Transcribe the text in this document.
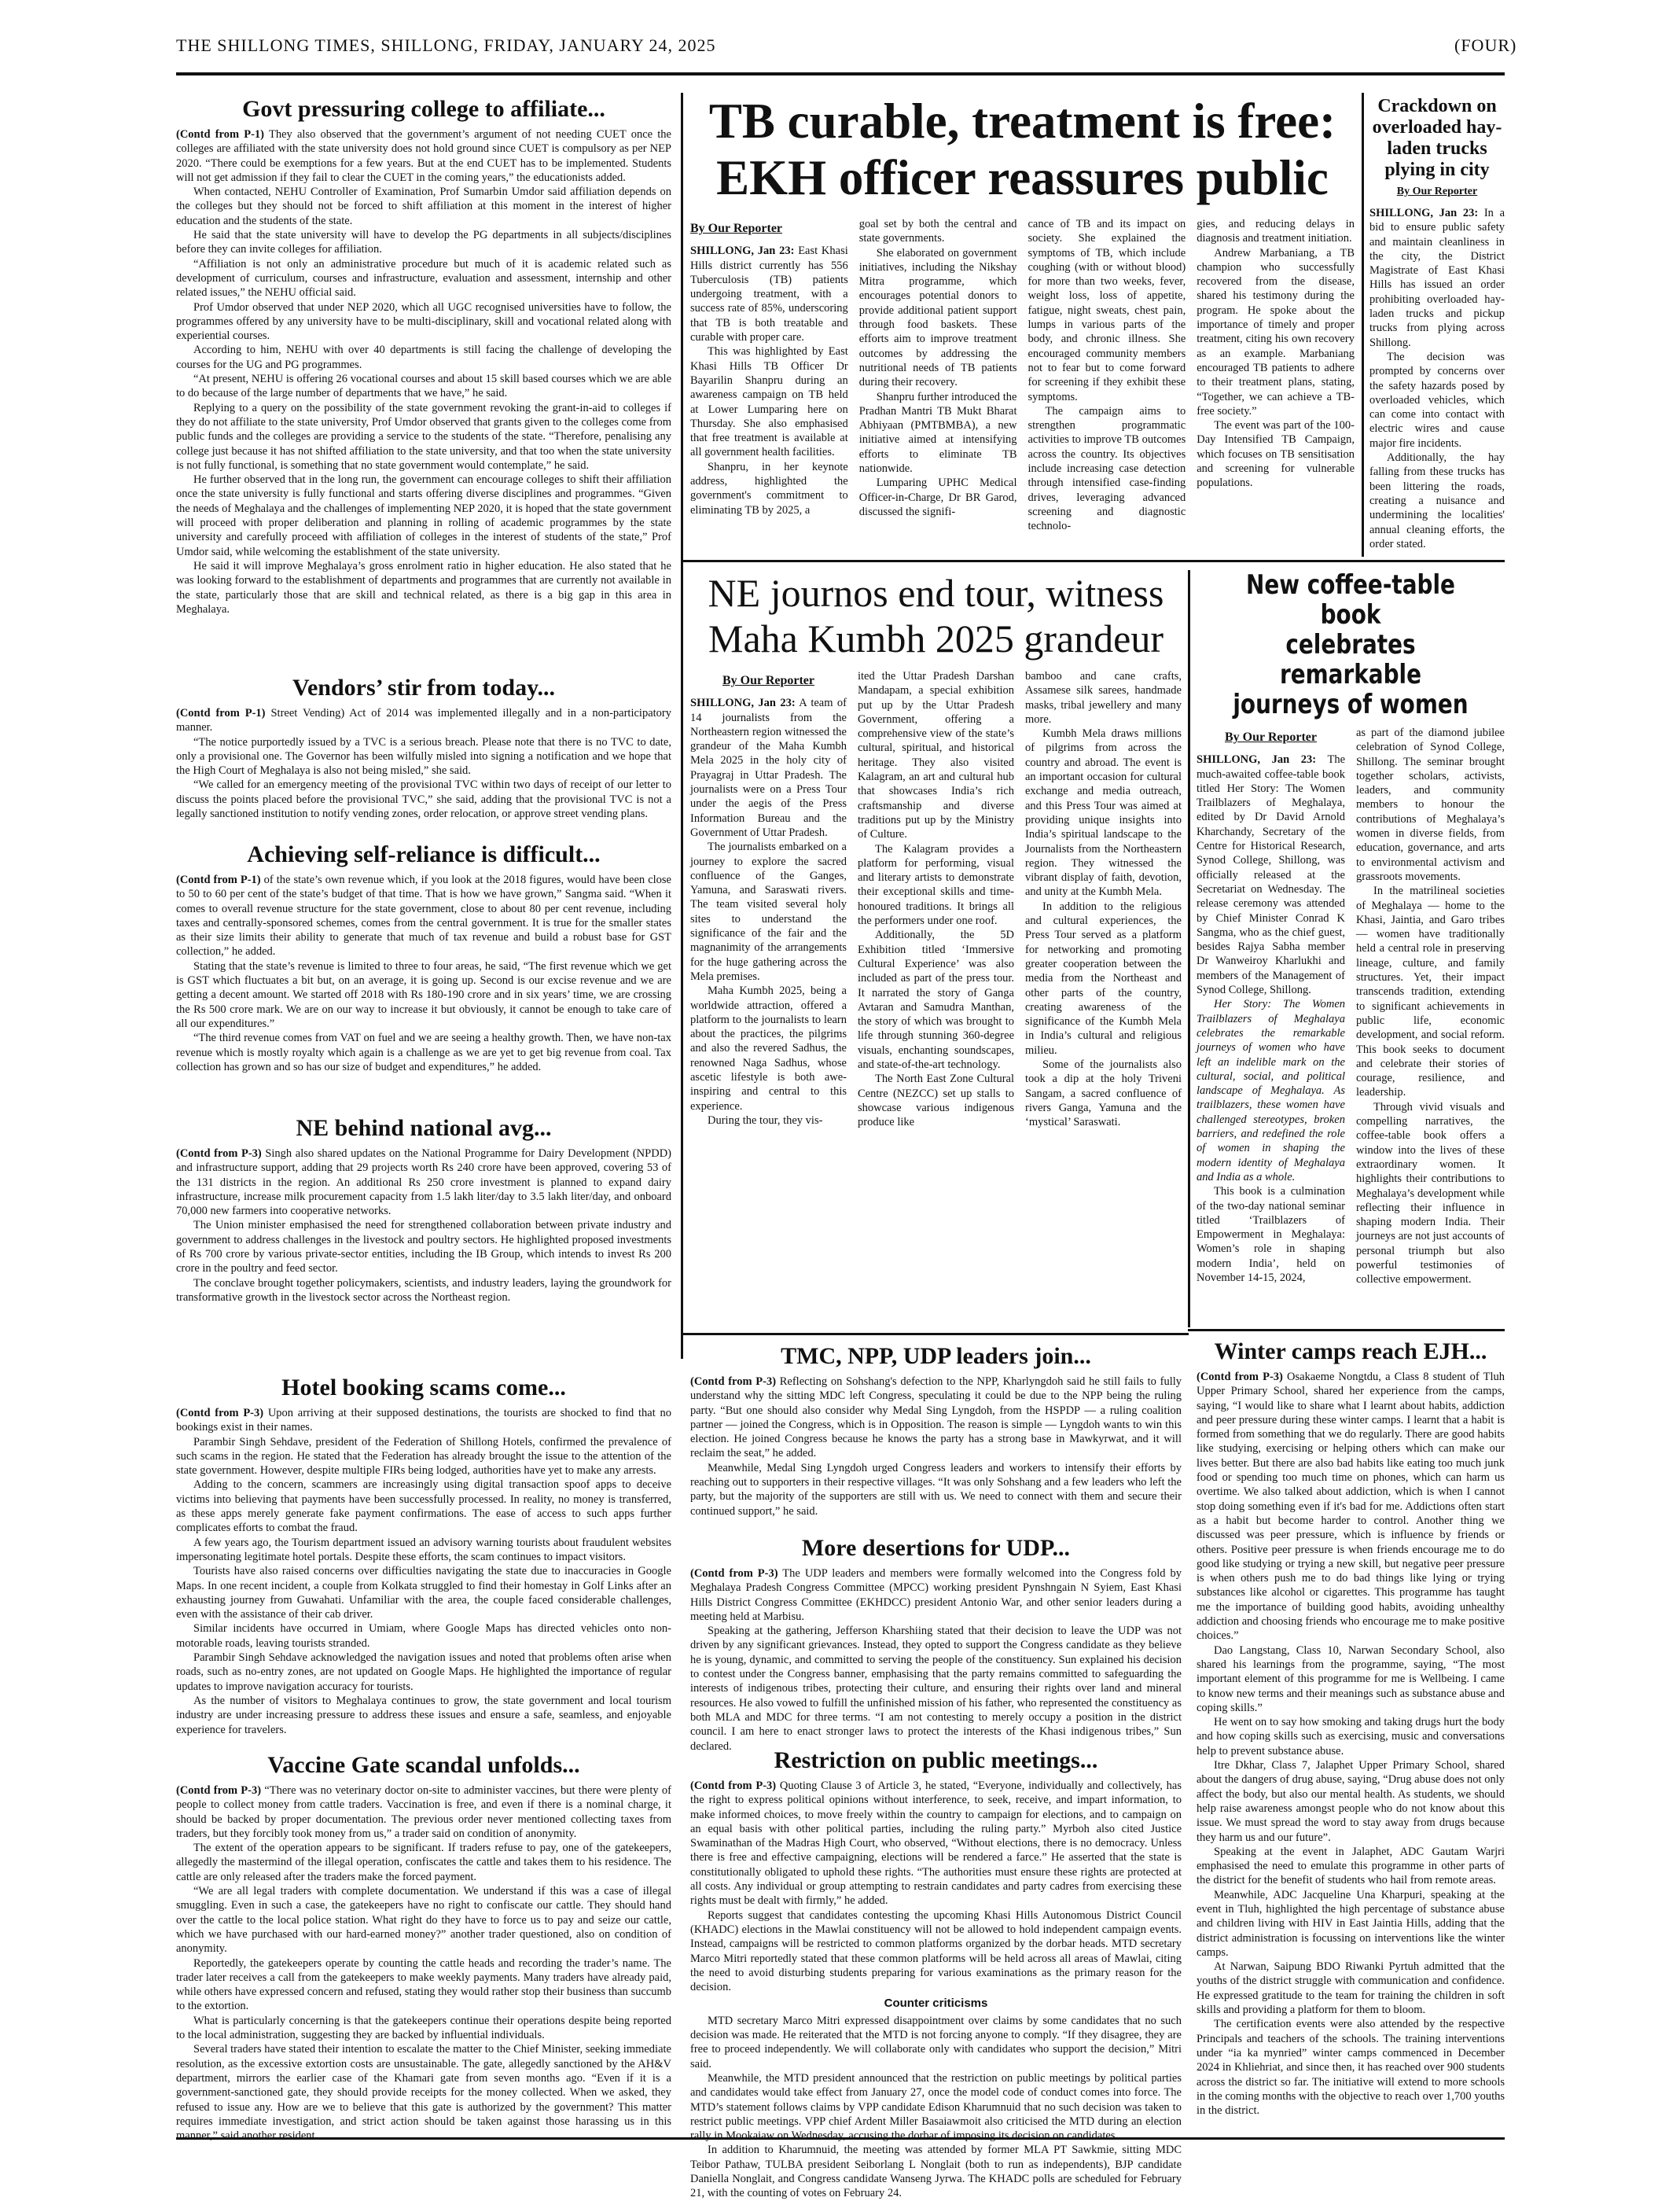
THE SHILLONG TIMES, SHILLONG, FRIDAY, JANUARY 24, 2025	(FOUR)
Govt pressuring college to affiliate...

(Contd from P-1) They also observed that the government’s argument of not needing CUET once the colleges are affiliated with the state university does not hold ground since CUET is compulsory as per NEP 2020. “There could be exemptions for a few years. But at the end CUET has to be implemented. Students will not get admission if they fail to clear the CUET in the coming years,” the educationists added.

When contacted, NEHU Controller of Examination, Prof Sumarbin Umdor said affiliation depends on the colleges but they should not be forced to shift affiliation at this moment in the interest of higher education and the students of the state.

He said that the state university will have to develop the PG departments in all subjects/disciplines before they can invite colleges for affiliation.

“Affiliation is not only an administrative procedure but much of it is academic related such as development of curriculum, courses and infrastructure, evaluation and assessment, internship and other related issues,” the NEHU official said.

Prof Umdor observed that under NEP 2020, which all UGC recognised universities have to follow, the programmes offered by any university have to be multi-disciplinary, skill and vocational related along with experiential courses.

According to him, NEHU with over 40 departments is still facing the challenge of developing the courses for the UG and PG programmes.

“At present, NEHU is offering 26 vocational courses and about 15 skill based courses which we are able to do because of the large number of departments that we have,” he said.

Replying to a query on the possibility of the state government revoking the grant-in-aid to colleges if they do not affiliate to the state university, Prof Umdor observed that grants given to the colleges come from public funds and the colleges are providing a service to the students of the state. “Therefore, penalising any college just because it has not shifted affiliation to the state university, and that too when the state university is not fully functional, is something that no state government would contemplate,” he said.

He further observed that in the long run, the government can encourage colleges to shift their affiliation once the state university is fully functional and starts offering diverse disciplines and programmes. “Given the needs of Meghalaya and the challenges of implementing NEP 2020, it is hoped that the state government will proceed with proper deliberation and planning in rolling of academic programmes by the state university and carefully proceed with affiliation of colleges in the interest of students of the state,” Prof Umdor said, while welcoming the establishment of the state university.

He said it will improve Meghalaya’s gross enrolment ratio in higher education. He also stated that he was looking forward to the establishment of departments and programmes that are currently not available in the state, particularly those that are skill and technical related, as there is a big gap in this area in Meghalaya.

Vendors’ stir from today...

(Contd from P-1) Street Vending) Act of 2014 was implemented illegally and in a non-participatory manner.

“The notice purportedly issued by a TVC is a serious breach. Please note that there is no TVC to date, only a provisional one. The Governor has been wilfully misled into signing a notification and we hope that the High Court of Meghalaya is also not being misled,” she said.

“We called for an emergency meeting of the provisional TVC within two days of receipt of our letter to discuss the points placed before the provisional TVC,” she said, adding that the provisional TVC is not a legally sanctioned institution to notify vending zones, order relocation, or approve street vending plans.

Achieving self-reliance is difficult...

(Contd from P-1) of the state’s own revenue which, if you look at the 2018 figures, would have been close to 50 to 60 per cent of the state’s budget of that time. That is how we have grown,” Sangma said. “When it comes to overall revenue structure for the state government, close to about 80 per cent revenue, including taxes and centrally-sponsored schemes, comes from the central government. It is true for the smaller states as their size limits their ability to generate that much of tax revenue and build a robust base for GST collection,” he added.

Stating that the state’s revenue is limited to three to four areas, he said, “The first revenue which we get is GST which fluctuates a bit but, on an average, it is going up. Second is our excise revenue and we are getting a decent amount. We started off 2018 with Rs 180-190 crore and in six years’ time, we are crossing the Rs 500 crore mark. We are on our way to increase it but obviously, it cannot be enough to take care of all our expenditures.”

“The third revenue comes from VAT on fuel and we are seeing a healthy growth. Then, we have non-tax revenue which is mostly royalty which again is a challenge as we are yet to get big revenue from coal. Tax collection has grown and so has our size of budget and expenditures,” he added.

NE behind national avg...

(Contd from P-3) Singh also shared updates on the National Programme for Dairy Development (NPDD) and infrastructure support, adding that 29 projects worth Rs 240 crore have been approved, covering 53 of the 131 districts in the region. An additional Rs 250 crore investment is planned to expand dairy infrastructure, increase milk procurement capacity from 1.5 lakh liter/day to 3.5 lakh liter/day, and onboard 70,000 new farmers into cooperative networks.

The Union minister emphasised the need for strengthened collaboration between private industry and government to address challenges in the livestock and poultry sectors. He highlighted proposed investments of Rs 700 crore by various private-sector entities, including the IB Group, which intends to invest Rs 200 crore in the poultry and feed sector.

The conclave brought together policymakers, scientists, and industry leaders, laying the groundwork for transformative growth in the livestock sector across the Northeast region.

Hotel booking scams come...

(Contd from P-3) Upon arriving at their supposed destinations, the tourists are shocked to find that no bookings exist in their names.

Parambir Singh Sehdave, president of the Federation of Shillong Hotels, confirmed the prevalence of such scams in the region. He stated that the Federation has already brought the issue to the attention of the state government. However, despite multiple FIRs being lodged, authorities have yet to make any arrests.

Adding to the concern, scammers are increasingly using digital transaction spoof apps to deceive victims into believing that payments have been successfully processed. In reality, no money is transferred, as these apps merely generate fake payment confirmations. The ease of access to such apps further complicates efforts to combat the fraud.

A few years ago, the Tourism department issued an advisory warning tourists about fraudulent websites impersonating legitimate hotel portals. Despite these efforts, the scam continues to impact visitors.

Tourists have also raised concerns over difficulties navigating the state due to inaccuracies in Google Maps. In one recent incident, a couple from Kolkata struggled to find their homestay in Golf Links after an exhausting journey from Guwahati. Unfamiliar with the area, the couple faced considerable challenges, even with the assistance of their cab driver.

Similar incidents have occurred in Umiam, where Google Maps has directed vehicles onto non-motorable roads, leaving tourists stranded.

Parambir Singh Sehdave acknowledged the navigation issues and noted that problems often arise when roads, such as no-entry zones, are not updated on Google Maps. He highlighted the importance of regular updates to improve navigation accuracy for tourists.

As the number of visitors to Meghalaya continues to grow, the state government and local tourism industry are under increasing pressure to address these issues and ensure a safe, seamless, and enjoyable experience for travelers.

Vaccine Gate scandal unfolds...

(Contd from P-3) “There was no veterinary doctor on-site to administer vaccines, but there were plenty of people to collect money from cattle traders. Vaccination is free, and even if there is a nominal charge, it should be backed by proper documentation. The previous order never mentioned collecting taxes from traders, but they forcibly took money from us,” a trader said on condition of anonymity.

The extent of the operation appears to be significant. If traders refuse to pay, one of the gatekeepers, allegedly the mastermind of the illegal operation, confiscates the cattle and takes them to his residence. The cattle are only released after the traders make the forced payment.

“We are all legal traders with complete documentation. We understand if this was a case of illegal smuggling. Even in such a case, the gatekeepers have no right to confiscate our cattle. They should hand over the cattle to the local police station. What right do they have to force us to pay and seize our cattle, which we have purchased with our hard-earned money?” another trader questioned, also on condition of anonymity.

Reportedly, the gatekeepers operate by counting the cattle heads and recording the trader’s name. The trader later receives a call from the gatekeepers to make weekly payments. Many traders have already paid, while others have expressed concern and refused, stating they would rather stop their business than succumb to the extortion.

What is particularly concerning is that the gatekeepers continue their operations despite being reported to the local administration, suggesting they are backed by influential individuals.

Several traders have stated their intention to escalate the matter to the Chief Minister, seeking immediate resolution, as the excessive extortion costs are unsustainable. The gate, allegedly sanctioned by the AH&V department, mirrors the earlier case of the Khamari gate from seven months ago. “Even if it is a government-sanctioned gate, they should provide receipts for the money collected. When we asked, they refused to issue any. How are we to believe that this gate is authorized by the government? This matter requires immediate investigation, and strict action should be taken against those harassing us in this manner,” said another resident.

TB curable, treatment is free:
EKH officer reassures public
By Our Reporter

SHILLONG, Jan 23: East Khasi Hills district currently has 556 Tuberculosis (TB) patients undergoing treatment, with a success rate of 85%, underscoring that TB is both treatable and curable with proper care.

This was highlighted by East Khasi Hills TB Officer Dr Bayarilin Shanpru during an awareness campaign on TB held at Lower Lumparing here on Thursday. She also emphasised that free treatment is available at all government health facilities.

Shanpru, in her keynote address, highlighted the government's commitment to eliminating TB by 2025, a

goal set by both the central and state governments.

She elaborated on government initiatives, including the Nikshay Mitra programme, which encourages potential donors to provide additional patient support through food baskets. These efforts aim to improve treatment outcomes by addressing the nutritional needs of TB patients during their recovery.

Shanpru further introduced the Pradhan Mantri TB Mukt Bharat Abhiyaan (PMTBMBA), a new initiative aimed at intensifying efforts to eliminate TB nationwide.

Lumparing UPHC Medical Officer-in-Charge, Dr BR Garod, discussed the signifi-

cance of TB and its impact on society. She explained the symptoms of TB, which include coughing (with or without blood) for more than two weeks, fever, weight loss, loss of appetite, fatigue, night sweats, chest pain, lumps in various parts of the body, and chronic illness. She encouraged community members not to fear but to come forward for screening if they exhibit these symptoms.

The campaign aims to strengthen programmatic activities to improve TB outcomes across the country. Its objectives include increasing case detection through intensified case-finding drives, leveraging advanced screening and diagnostic technolo-

gies, and reducing delays in diagnosis and treatment initiation.

Andrew Marbaniang, a TB champion who successfully recovered from the disease, shared his testimony during the program. He spoke about the importance of timely and proper treatment, citing his own recovery as an example. Marbaniang encouraged TB patients to adhere to their treatment plans, stating, “Together, we can achieve a TB-free society.”

The event was part of the 100-Day Intensified TB Campaign, which focuses on TB sensitisation and screening for vulnerable populations.

Crackdown on overloaded hay-laden trucks plying in city
By Our Reporter

SHILLONG, Jan 23: In a bid to ensure public safety and maintain cleanliness in the city, the District Magistrate of East Khasi Hills has issued an order prohibiting overloaded hay-laden trucks and pickup trucks from plying across Shillong.

The decision was prompted by concerns over the safety hazards posed by overloaded vehicles, which can come into contact with electric wires and cause major fire incidents.

Additionally, the hay falling from these trucks has been littering the roads, creating a nuisance and undermining the localities' annual cleaning efforts, the order stated.

NE journos end tour, witness
Maha Kumbh 2025 grandeur
By Our Reporter

SHILLONG, Jan 23: A team of 14 journalists from the Northeastern region witnessed the grandeur of the Maha Kumbh Mela 2025 in the holy city of Prayagraj in Uttar Pradesh. The journalists were on a Press Tour under the aegis of the Press Information Bureau and the Government of Uttar Pradesh.

The journalists embarked on a journey to explore the sacred confluence of the Ganges, Yamuna, and Saraswati rivers. The team visited several holy sites to understand the significance of the fair and the magnanimity of the arrangements for the huge gathering across the Mela premises.

Maha Kumbh 2025, being a worldwide attraction, offered a platform to the journalists to learn about the practices, the pilgrims and also the revered Sadhus, the renowned Naga Sadhus, whose ascetic lifestyle is both awe-inspiring and central to this experience.

During the tour, they vis-

ited the Uttar Pradesh Darshan Mandapam, a special exhibition put up by the Uttar Pradesh Government, offering a comprehensive view of the state’s cultural, spiritual, and historical heritage. They also visited Kalagram, an art and cultural hub that showcases India’s rich craftsmanship and diverse traditions put up by the Ministry of Culture.

The Kalagram provides a platform for performing, visual and literary artists to demonstrate their exceptional skills and time-honoured traditions. It brings all the performers under one roof.

Additionally, the 5D Exhibition titled ‘Immersive Cultural Experience’ was also included as part of the press tour. It narrated the story of Ganga Avtaran and Samudra Manthan, the story of which was brought to life through stunning 360-degree visuals, enchanting soundscapes, and state-of-the-art technology.

The North East Zone Cultural Centre (NEZCC) set up stalls to showcase various indigenous produce like

bamboo and cane crafts, Assamese silk sarees, handmade masks, tribal jewellery and many more.

Kumbh Mela draws millions of pilgrims from across the country and abroad. The event is an important occasion for cultural exchange and media outreach, and this Press Tour was aimed at providing unique insights into India’s spiritual landscape to the Journalists from the Northeastern region. They witnessed the vibrant display of faith, devotion, and unity at the Kumbh Mela.

In addition to the religious and cultural experiences, the Press Tour served as a platform for networking and promoting greater cooperation between the media from the Northeast and other parts of the country, creating awareness of the significance of the Kumbh Mela in India’s cultural and religious milieu.

Some of the journalists also took a dip at the holy Triveni Sangam, a sacred confluence of rivers Ganga, Yamuna and the ‘mystical’ Saraswati.

New coffee-table book
celebrates remarkable
journeys of women
By Our Reporter

SHILLONG, Jan 23: The much-awaited coffee-table book titled Her Story: The Women Trailblazers of Meghalaya, edited by Dr David Arnold Kharchandy, Secretary of the Centre for Historical Research, Synod College, Shillong, was officially released at the Secretariat on Wednesday. The release ceremony was attended by Chief Minister Conrad K Sangma, who as the chief guest, besides Rajya Sabha member Dr Wanweiroy Kharlukhi and members of the Management of Synod College, Shillong.

Her Story: The Women Trailblazers of Meghalaya celebrates the remarkable journeys of women who have left an indelible mark on the cultural, social, and political landscape of Meghalaya. As trailblazers, these women have challenged stereotypes, broken barriers, and redefined the role of women in shaping the modern identity of Meghalaya and India as a whole.

This book is a culmination of the two-day national seminar titled ‘Trailblazers of Empowerment in Meghalaya: Women’s role in shaping modern India’, held on November 14-15, 2024,

as part of the diamond jubilee celebration of Synod College, Shillong. The seminar brought together scholars, activists, leaders, and community members to honour the contributions of Meghalaya’s women in diverse fields, from education, governance, and arts to environmental activism and grassroots movements.

In the matrilineal societies of Meghalaya — home to the Khasi, Jaintia, and Garo tribes — women have traditionally held a central role in preserving lineage, culture, and family structures. Yet, their impact transcends tradition, extending to significant achievements in public life, economic development, and social reform. This book seeks to document and celebrate their stories of courage, resilience, and leadership.

Through vivid visuals and compelling narratives, the coffee-table book offers a window into the lives of these extraordinary women. It highlights their contributions to Meghalaya’s development while reflecting their influence in shaping modern India. Their journeys are not just accounts of personal triumph but also powerful testimonies of collective empowerment.

TMC, NPP, UDP leaders join...

(Contd from P-3) Reflecting on Sohshang's defection to the NPP, Kharlyngdoh said he still fails to fully understand why the sitting MDC left Congress, speculating it could be due to the NPP being the ruling party. “But one should also consider why Medal Sing Lyngdoh, from the HSPDP — a ruling coalition partner — joined the Congress, which is in Opposition. The reason is simple — Lyngdoh wants to win this election. He joined Congress because he knows the party has a strong base in Mawkyrwat, and it will reclaim the seat,” he added.

Meanwhile, Medal Sing Lyngdoh urged Congress leaders and workers to intensify their efforts by reaching out to supporters in their respective villages. “It was only Sohshang and a few leaders who left the party, but the majority of the supporters are still with us. We need to connect with them and secure their continued support,” he said.

More desertions for UDP...

(Contd from P-3) The UDP leaders and members were formally welcomed into the Congress fold by Meghalaya Pradesh Congress Committee (MPCC) working president Pynshngain N Syiem, East Khasi Hills District Congress Committee (EKHDCC) president Antonio War, and other senior leaders during a meeting held at Marbisu.

Speaking at the gathering, Jefferson Kharshiing stated that their decision to leave the UDP was not driven by any significant grievances. Instead, they opted to support the Congress candidate as they believe he is young, dynamic, and committed to serving the people of the constituency. Sun explained his decision to contest under the Congress banner, emphasising that the party remains committed to safeguarding the interests of indigenous tribes, protecting their culture, and ensuring their rights over land and mineral resources. He also vowed to fulfill the unfinished mission of his father, who represented the constituency as both MLA and MDC for three terms. “I am not contesting to merely occupy a position in the district council. I am here to enact stronger laws to protect the interests of the Khasi indigenous tribes,” Sun declared.

Restriction on public meetings...

(Contd from P-3) Quoting Clause 3 of Article 3, he stated, “Everyone, individually and collectively, has the right to express political opinions without interference, to seek, receive, and impart information, to make informed choices, to move freely within the country to campaign for elections, and to campaign on an equal basis with other political parties, including the ruling party.” Myrboh also cited Justice Swaminathan of the Madras High Court, who observed, “Without elections, there is no democracy. Unless there is free and effective campaigning, elections will be rendered a farce.” He asserted that the state is constitutionally obligated to uphold these rights. “The authorities must ensure these rights are protected at all costs. Any individual or group attempting to restrain candidates and party cadres from exercising these rights must be dealt with firmly,” he added.

Reports suggest that candidates contesting the upcoming Khasi Hills Autonomous District Council (KHADC) elections in the Mawlai constituency will not be allowed to hold independent campaign events. Instead, campaigns will be restricted to common platforms organized by the dorbar heads. MTD secretary Marco Mitri reportedly stated that these common platforms will be held across all areas of Mawlai, citing the need to avoid disturbing students preparing for various examinations as the primary reason for the decision.

Counter criticisms

MTD secretary Marco Mitri expressed disappointment over claims by some candidates that no such decision was made. He reiterated that the MTD is not forcing anyone to comply. “If they disagree, they are free to proceed independently. We will collaborate only with candidates who support the decision,” Mitri said.

Meanwhile, the MTD president announced that the restriction on public meetings by political parties and candidates would take effect from January 27, once the model code of conduct comes into force. The MTD’s statement follows claims by VPP candidate Edison Kharumnuid that no such decision was taken to restrict public meetings. VPP chief Ardent Miller Basaiawmoit also criticised the MTD during an election rally in Mookaiaw on Wednesday, accusing the dorbar of imposing its decision on candidates.

In addition to Kharumnuid, the meeting was attended by former MLA PT Sawkmie, sitting MDC Teibor Pathaw, TULBA president Seiborlang L Nonglait (both to run as independents), BJP candidate Daniella Nonglait, and Congress candidate Wanseng Jyrwa. The KHADC polls are scheduled for February 21, with the counting of votes on February 24.

Winter camps reach EJH...

(Contd from P-3) Osakaeme Nongtdu, a Class 8 student of Tluh Upper Primary School, shared her experience from the camps, saying, “I would like to share what I learnt about habits, addiction and peer pressure during these winter camps. I learnt that a habit is formed from something that we do regularly. There are good habits like studying, exercising or helping others which can make our lives better. But there are also bad habits like eating too much junk food or spending too much time on phones, which can harm us overtime. We also talked about addiction, which is when I cannot stop doing something even if it's bad for me. Addictions often start as a habit but become harder to control. Another thing we discussed was peer pressure, which is influence by friends or others. Positive peer pressure is when friends encourage me to do good like studying or trying a new skill, but negative peer pressure is when others push me to do bad things like lying or trying substances like alcohol or cigarettes. This programme has taught me the importance of building good habits, avoiding unhealthy addiction and choosing friends who encourage me to make positive choices.”

Dao Langstang, Class 10, Narwan Secondary School, also shared his learnings from the programme, saying, “The most important element of this programme for me is Wellbeing. I came to know new terms and their meanings such as substance abuse and coping skills.”

He went on to say how smoking and taking drugs hurt the body and how coping skills such as exercising, music and conversations help to prevent substance abuse.

Itre Dkhar, Class 7, Jalaphet Upper Primary School, shared about the dangers of drug abuse, saying, “Drug abuse does not only affect the body, but also our mental health. As students, we should help raise awareness amongst people who do not know about this issue. We must spread the word to stay away from drugs because they harm us and our future”.

Speaking at the event in Jalaphet, ADC Gautam Warjri emphasised the need to emulate this programme in other parts of the district for the benefit of students who hail from remote areas.

Meanwhile, ADC Jacqueline Una Kharpuri, speaking at the event in Tluh, highlighted the high percentage of substance abuse and children living with HIV in East Jaintia Hills, adding that the district administration is focussing on interventions like the winter camps.

At Narwan, Saipung BDO Riwanki Pyrtuh admitted that the youths of the district struggle with communication and confidence. He expressed gratitude to the team for training the children in soft skills and providing a platform for them to bloom.

The certification events were also attended by the respective Principals and teachers of the schools. The training interventions under “ia ka mynried” winter camps commenced in December 2024 in Khliehriat, and since then, it has reached over 900 students across the district so far. The initiative will extend to more schools in the coming months with the objective to reach over 1,700 youths in the district.
